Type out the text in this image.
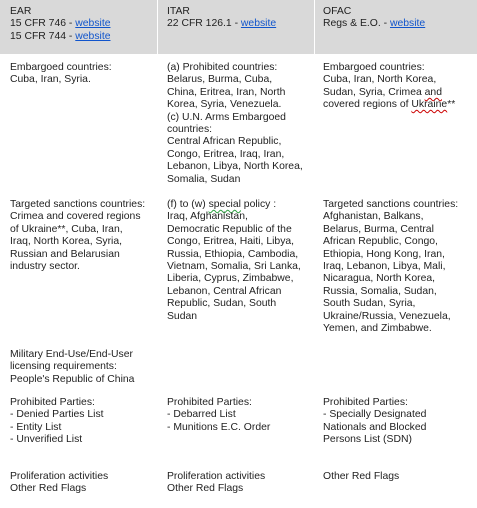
EAR
15 CFR 746 - website
15 CFR 744 - website
Embargoed countries:
Cuba, Iran, Syria.
Targeted sanctions countries:
Crimea and covered regions
of Ukraine**, Cuba, Iran,
Iraq, North Korea, Syria,
Russian and Belarusian
industry sector.
Military End-Use/End-User
licensing requirements:
People's Republic of China
Prohibited Parties:
- Denied Parties List
- Entity List
- Unverified List
Proliferation activities
Other Red Flags
ITAR
22 CFR 126.1 - website
(a) Prohibited countries:
Belarus, Burma, Cuba,
China, Eritrea, Iran, North
Korea, Syria, Venezuela.
(c) U.N. Arms Embargoed
countries:
Central African Republic,
Congo, Eritrea, Iraq, Iran,
Lebanon, Libya, North Korea,
Somalia, Sudan
(f) to (w) special policy :
Iraq, Afghanistan,
Democratic Republic of the
Congo, Eritrea, Haiti, Libya,
Russia, Ethiopia, Cambodia,
Vietnam, Somalia, Sri Lanka,
Liberia, Cyprus, Zimbabwe,
Lebanon, Central African
Republic, Sudan, South
Sudan
Prohibited Parties:
- Debarred List
- Munitions E.C. Order
Proliferation activities
Other Red Flags
OFAC
Regs & E.O. - website
Embargoed countries:
Cuba, Iran, North Korea,
Sudan, Syria, Crimea and
covered regions of Ukraine**
Targeted sanctions countries:
Afghanistan, Balkans,
Belarus, Burma, Central
African Republic, Congo,
Ethiopia, Hong Kong, Iran,
Iraq, Lebanon, Libya, Mali,
Nicaragua, North Korea,
Russia, Somalia, Sudan,
South Sudan, Syria,
Ukraine/Russia, Venezuela,
Yemen, and Zimbabwe.
Prohibited Parties:
- Specially Designated
Nationals and Blocked
Persons List (SDN)
Other Red Flags
